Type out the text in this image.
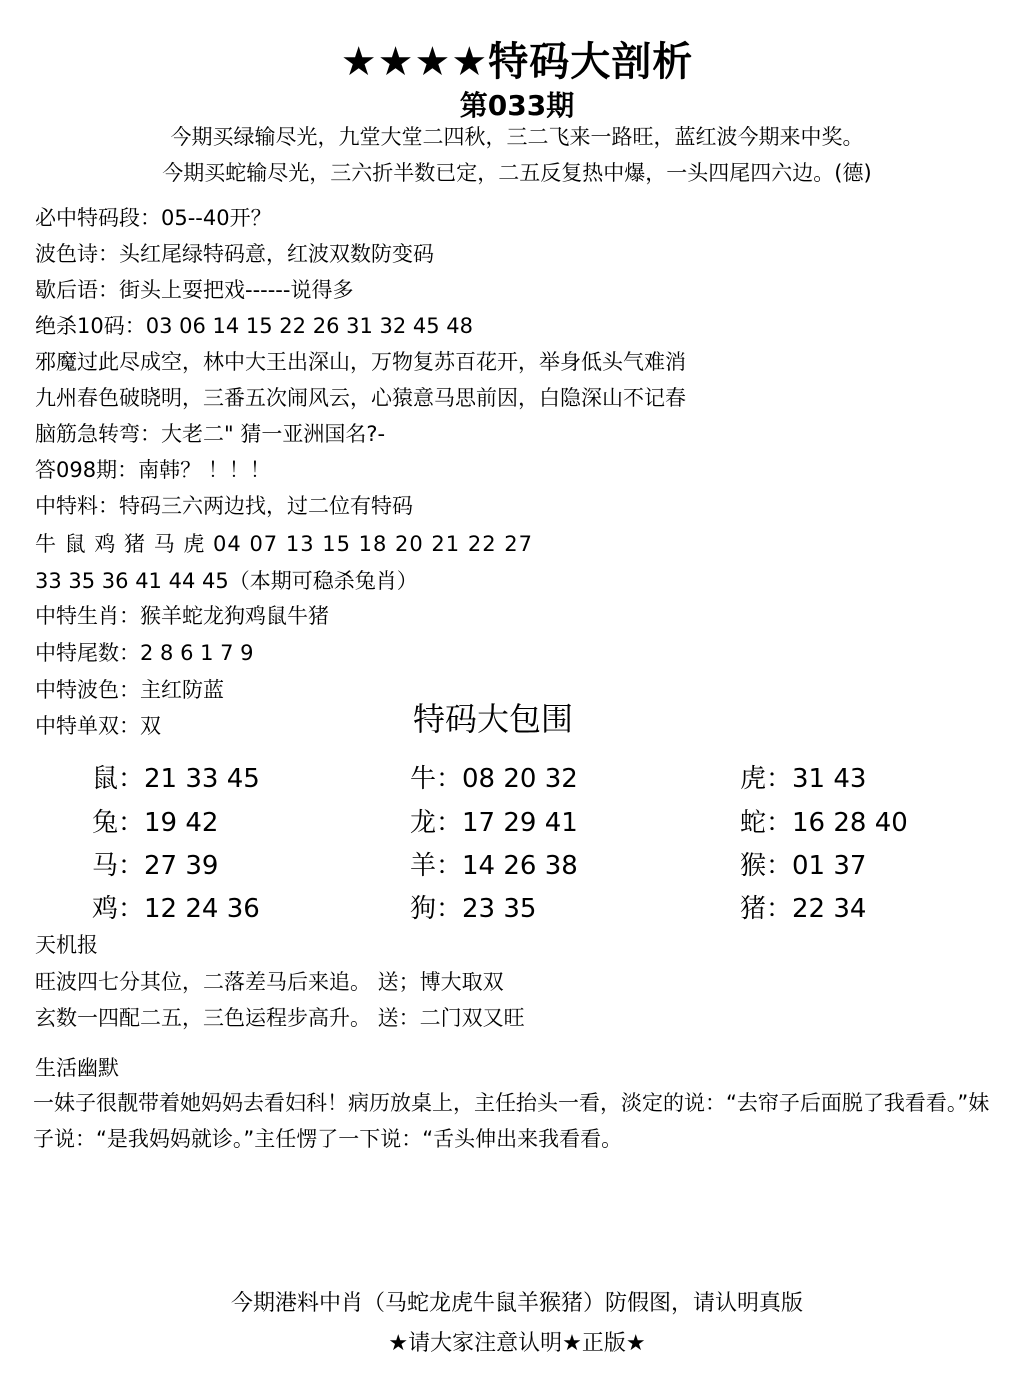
★★★★特码大剖析
第033期
今期买绿输尽光，九堂大堂二四秋，三二飞来一路旺，蓝红波今期来中奖。
今期买蛇输尽光，三六折半数已定，二五反复热中爆，一头四尾四六边。(德)
必中特码段：05--40开？
波色诗：头红尾绿特码意，红波双数防变码
歇后语：街头上耍把戏------说得多
绝杀10码：03 06 14 15 22 26 31 32 45 48
邪魔过此尽成空，林中大王出深山，万物复苏百花开，举身低头气难消
九州春色破晓明，三番五次闹风云，心猿意马思前因，白隐深山不记春
脑筋急转弯：大老二" 猜一亚洲国名?-
答098期：南韩？ ！！！
中特料：特码三六两边找，过二位有特码
牛 鼠 鸡 猪 马 虎 04 07 13 15 18 20 21 22 27
33 35 36 41 44 45（本期可稳杀兔肖）
中特生肖：猴羊蛇龙狗鸡鼠牛猪
中特尾数：2 8 6 1 7 9
中特波色：主红防蓝
中特单双：双	特码大包围
鼠：21 33 45	牛：08 20 32	虎：31 43
兔：19 42	龙：17 29 41	蛇：16 28 40
马：27 39	羊：14 26 38	猴：01 37
鸡：12 24 36	狗：23 35	猪：22 34
天机报
旺波四七分其位，二落差马后来追。 送；博大取双
玄数一四配二五，三色运程步高升。 送：二门双又旺
生活幽默
一妹子很靓带着她妈妈去看妇科！病历放桌上，主任抬头一看，淡定的说：“去帘子后面脱了我看看。”妹子说：“是我妈妈就诊。”主任愣了一下说：“舌头伸出来我看看。
今期港料中肖（马蛇龙虎牛鼠羊猴猪）防假图，请认明真版
★请大家注意认明★正版★
